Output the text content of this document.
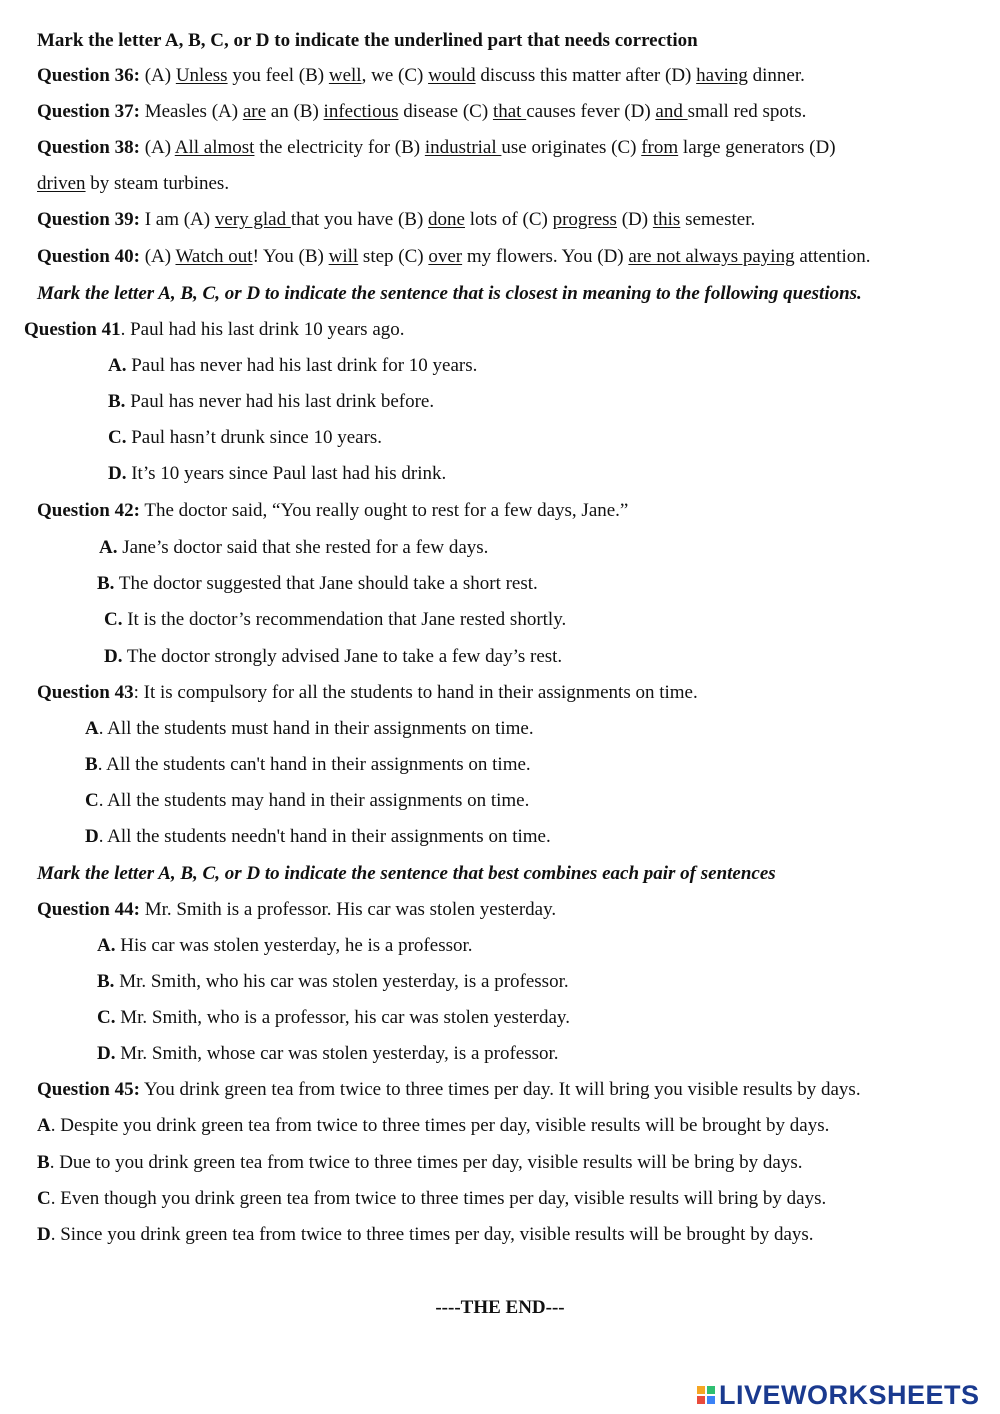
Mark the letter A, B, C, or D to indicate the underlined part that needs correction
Question 36: (A) Unless you feel (B) well, we (C) would discuss this matter after (D) having dinner.
Question 37: Measles (A) are an (B) infectious disease (C) that causes fever (D) and small red spots.
Question 38: (A) All almost the electricity for (B) industrial use originates (C) from large generators (D)
driven by steam turbines.
Question 39: I am (A) very glad that you have (B) done lots of (C) progress (D) this semester.
Question 40: (A) Watch out! You (B) will step (C) over my flowers. You (D) are not always paying attention.
Mark the letter A, B, C, or D to indicate the sentence that is closest in meaning to the following questions.
Question 41. Paul had his last drink 10 years ago.
A. Paul has never had his last drink for 10 years.
B. Paul has never had his last drink before.
C. Paul hasn’t drunk since 10 years.
D. It’s 10 years since Paul last had his drink.
Question 42: The doctor said, “You really ought to rest for a few days, Jane.”
A. Jane’s doctor said that she rested for a few days.
B. The doctor suggested that Jane should take a short rest.
C. It is the doctor’s recommendation that Jane rested shortly.
D. The doctor strongly advised Jane to take a few day’s rest.
Question 43: It is compulsory for all the students to hand in their assignments on time.
A. All the students must hand in their assignments on time.
B. All the students can't hand in their assignments on time.
C. All the students may hand in their assignments on time.
D. All the students needn't hand in their assignments on time.
Mark the letter A, B, C, or D to indicate the sentence that best combines each pair of sentences
Question 44: Mr. Smith is a professor. His car was stolen yesterday.
A. His car was stolen yesterday, he is a professor.
B. Mr. Smith, who his car was stolen yesterday, is a professor.
C. Mr. Smith, who is a professor, his car was stolen yesterday.
D. Mr. Smith, whose car was stolen yesterday, is a professor.
Question 45: You drink green tea from twice to three times per day. It will bring you visible results by days.
A. Despite you drink green tea from twice to three times per day, visible results will be brought by days.
B. Due to you drink green tea from twice to three times per day, visible results will be bring by days.
C. Even though you drink green tea from twice to three times per day, visible results will bring by days.
D. Since you drink green tea from twice to three times per day, visible results will be brought by days.
----THE END---
LIVEWORKSHEETS
